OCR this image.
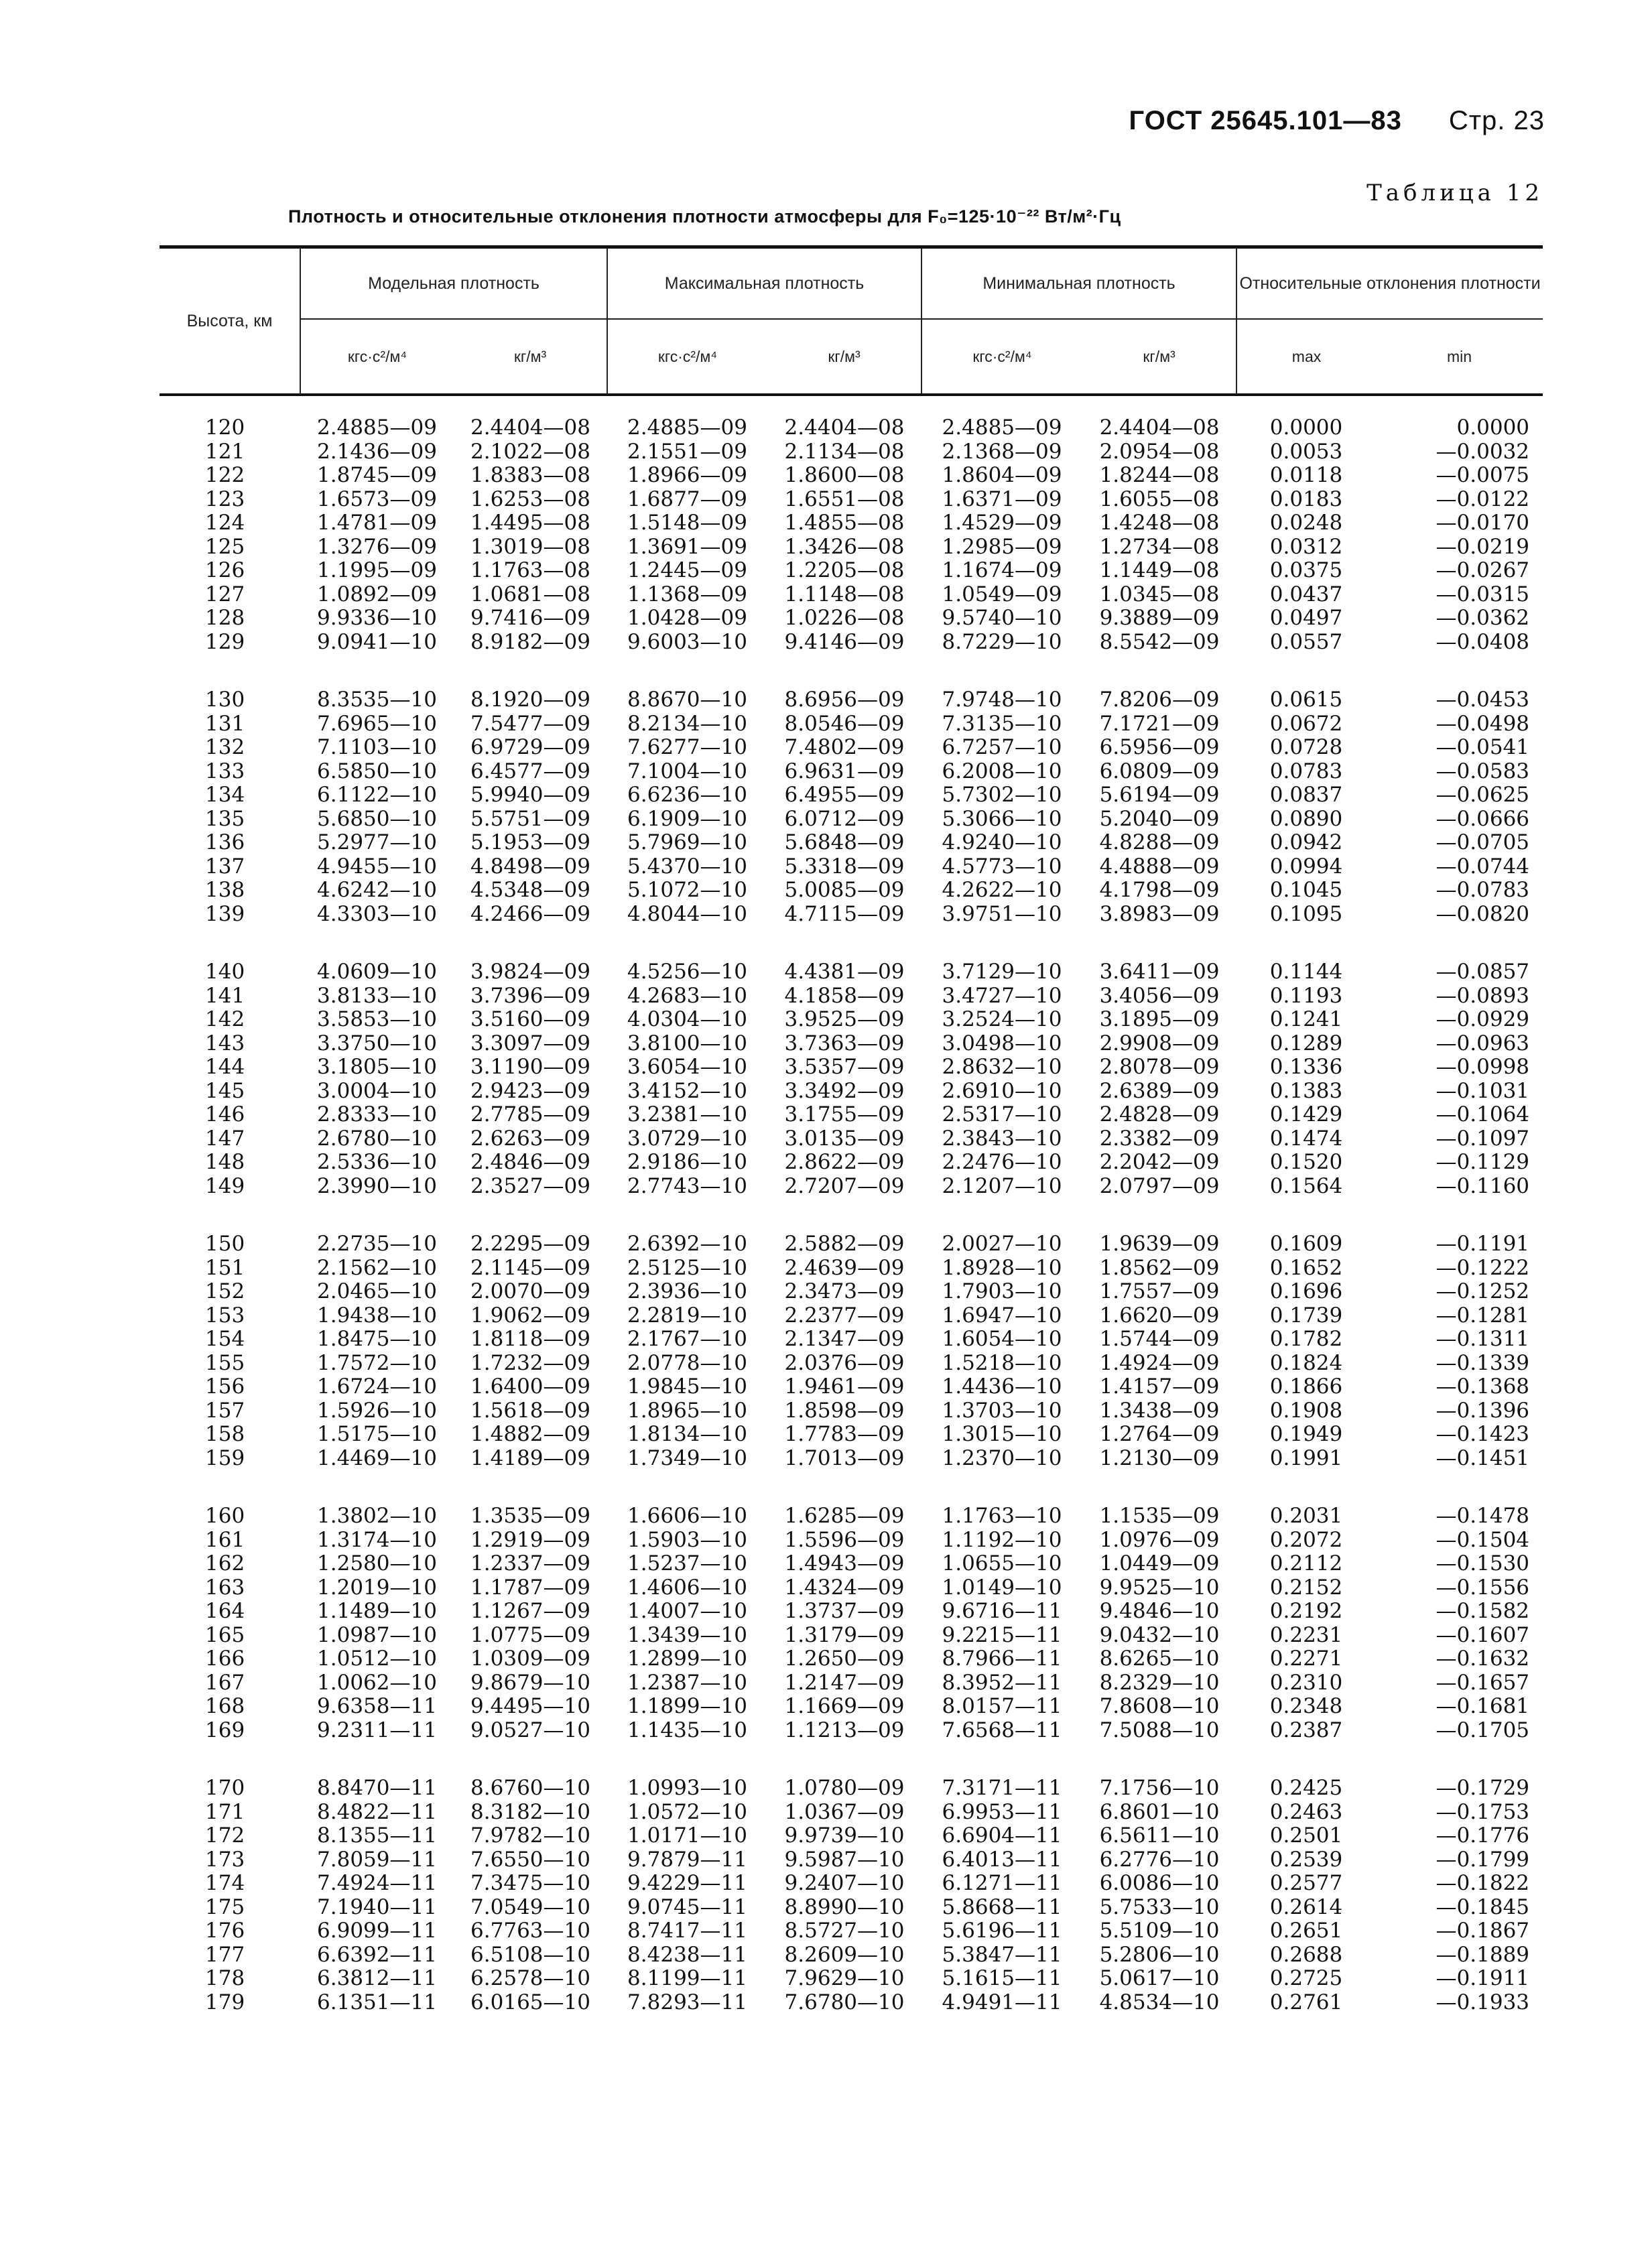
ГОСТ 25645.101—83 Стр. 23
Таблица 12
Плотность и относительные отклонения плотности атмосферы для F₀=125·10⁻²² Вт/м²·Гц
Высота, км	Модельная плотность		Максимальная плотность		Минимальная плотность		Относительные отклонения плотности	
	кгс·с²/м⁴	кг/м³	кгс·с²/м⁴	кг/м³	кгс·с²/м⁴	кг/м³	max	min

120	2.4885—09	2.4404—08	2.4885—09	2.4404—08	2.4885—09	2.4404—08	0.0000	0.0000
121	2.1436—09	2.1022—08	2.1551—09	2.1134—08	2.1368—09	2.0954—08	0.0053	—0.0032
122	1.8745—09	1.8383—08	1.8966—09	1.8600—08	1.8604—09	1.8244—08	0.0118	—0.0075
123	1.6573—09	1.6253—08	1.6877—09	1.6551—08	1.6371—09	1.6055—08	0.0183	—0.0122
124	1.4781—09	1.4495—08	1.5148—09	1.4855—08	1.4529—09	1.4248—08	0.0248	—0.0170
125	1.3276—09	1.3019—08	1.3691—09	1.3426—08	1.2985—09	1.2734—08	0.0312	—0.0219
126	1.1995—09	1.1763—08	1.2445—09	1.2205—08	1.1674—09	1.1449—08	0.0375	—0.0267
127	1.0892—09	1.0681—08	1.1368—09	1.1148—08	1.0549—09	1.0345—08	0.0437	—0.0315
128	9.9336—10	9.7416—09	1.0428—09	1.0226—08	9.5740—10	9.3889—09	0.0497	—0.0362
129	9.0941—10	8.9182—09	9.6003—10	9.4146—09	8.7229—10	8.5542—09	0.0557	—0.0408

130	8.3535—10	8.1920—09	8.8670—10	8.6956—09	7.9748—10	7.8206—09	0.0615	—0.0453
131	7.6965—10	7.5477—09	8.2134—10	8.0546—09	7.3135—10	7.1721—09	0.0672	—0.0498
132	7.1103—10	6.9729—09	7.6277—10	7.4802—09	6.7257—10	6.5956—09	0.0728	—0.0541
133	6.5850—10	6.4577—09	7.1004—10	6.9631—09	6.2008—10	6.0809—09	0.0783	—0.0583
134	6.1122—10	5.9940—09	6.6236—10	6.4955—09	5.7302—10	5.6194—09	0.0837	—0.0625
135	5.6850—10	5.5751—09	6.1909—10	6.0712—09	5.3066—10	5.2040—09	0.0890	—0.0666
136	5.2977—10	5.1953—09	5.7969—10	5.6848—09	4.9240—10	4.8288—09	0.0942	—0.0705
137	4.9455—10	4.8498—09	5.4370—10	5.3318—09	4.5773—10	4.4888—09	0.0994	—0.0744
138	4.6242—10	4.5348—09	5.1072—10	5.0085—09	4.2622—10	4.1798—09	0.1045	—0.0783
139	4.3303—10	4.2466—09	4.8044—10	4.7115—09	3.9751—10	3.8983—09	0.1095	—0.0820

140	4.0609—10	3.9824—09	4.5256—10	4.4381—09	3.7129—10	3.6411—09	0.1144	—0.0857
141	3.8133—10	3.7396—09	4.2683—10	4.1858—09	3.4727—10	3.4056—09	0.1193	—0.0893
142	3.5853—10	3.5160—09	4.0304—10	3.9525—09	3.2524—10	3.1895—09	0.1241	—0.0929
143	3.3750—10	3.3097—09	3.8100—10	3.7363—09	3.0498—10	2.9908—09	0.1289	—0.0963
144	3.1805—10	3.1190—09	3.6054—10	3.5357—09	2.8632—10	2.8078—09	0.1336	—0.0998
145	3.0004—10	2.9423—09	3.4152—10	3.3492—09	2.6910—10	2.6389—09	0.1383	—0.1031
146	2.8333—10	2.7785—09	3.2381—10	3.1755—09	2.5317—10	2.4828—09	0.1429	—0.1064
147	2.6780—10	2.6263—09	3.0729—10	3.0135—09	2.3843—10	2.3382—09	0.1474	—0.1097
148	2.5336—10	2.4846—09	2.9186—10	2.8622—09	2.2476—10	2.2042—09	0.1520	—0.1129
149	2.3990—10	2.3527—09	2.7743—10	2.7207—09	2.1207—10	2.0797—09	0.1564	—0.1160

150	2.2735—10	2.2295—09	2.6392—10	2.5882—09	2.0027—10	1.9639—09	0.1609	—0.1191
151	2.1562—10	2.1145—09	2.5125—10	2.4639—09	1.8928—10	1.8562—09	0.1652	—0.1222
152	2.0465—10	2.0070—09	2.3936—10	2.3473—09	1.7903—10	1.7557—09	0.1696	—0.1252
153	1.9438—10	1.9062—09	2.2819—10	2.2377—09	1.6947—10	1.6620—09	0.1739	—0.1281
154	1.8475—10	1.8118—09	2.1767—10	2.1347—09	1.6054—10	1.5744—09	0.1782	—0.1311
155	1.7572—10	1.7232—09	2.0778—10	2.0376—09	1.5218—10	1.4924—09	0.1824	—0.1339
156	1.6724—10	1.6400—09	1.9845—10	1.9461—09	1.4436—10	1.4157—09	0.1866	—0.1368
157	1.5926—10	1.5618—09	1.8965—10	1.8598—09	1.3703—10	1.3438—09	0.1908	—0.1396
158	1.5175—10	1.4882—09	1.8134—10	1.7783—09	1.3015—10	1.2764—09	0.1949	—0.1423
159	1.4469—10	1.4189—09	1.7349—10	1.7013—09	1.2370—10	1.2130—09	0.1991	—0.1451

160	1.3802—10	1.3535—09	1.6606—10	1.6285—09	1.1763—10	1.1535—09	0.2031	—0.1478
161	1.3174—10	1.2919—09	1.5903—10	1.5596—09	1.1192—10	1.0976—09	0.2072	—0.1504
162	1.2580—10	1.2337—09	1.5237—10	1.4943—09	1.0655—10	1.0449—09	0.2112	—0.1530
163	1.2019—10	1.1787—09	1.4606—10	1.4324—09	1.0149—10	9.9525—10	0.2152	—0.1556
164	1.1489—10	1.1267—09	1.4007—10	1.3737—09	9.6716—11	9.4846—10	0.2192	—0.1582
165	1.0987—10	1.0775—09	1.3439—10	1.3179—09	9.2215—11	9.0432—10	0.2231	—0.1607
166	1.0512—10	1.0309—09	1.2899—10	1.2650—09	8.7966—11	8.6265—10	0.2271	—0.1632
167	1.0062—10	9.8679—10	1.2387—10	1.2147—09	8.3952—11	8.2329—10	0.2310	—0.1657
168	9.6358—11	9.4495—10	1.1899—10	1.1669—09	8.0157—11	7.8608—10	0.2348	—0.1681
169	9.2311—11	9.0527—10	1.1435—10	1.1213—09	7.6568—11	7.5088—10	0.2387	—0.1705

170	8.8470—11	8.6760—10	1.0993—10	1.0780—09	7.3171—11	7.1756—10	0.2425	—0.1729
171	8.4822—11	8.3182—10	1.0572—10	1.0367—09	6.9953—11	6.8601—10	0.2463	—0.1753
172	8.1355—11	7.9782—10	1.0171—10	9.9739—10	6.6904—11	6.5611—10	0.2501	—0.1776
173	7.8059—11	7.6550—10	9.7879—11	9.5987—10	6.4013—11	6.2776—10	0.2539	—0.1799
174	7.4924—11	7.3475—10	9.4229—11	9.2407—10	6.1271—11	6.0086—10	0.2577	—0.1822
175	7.1940—11	7.0549—10	9.0745—11	8.8990—10	5.8668—11	5.7533—10	0.2614	—0.1845
176	6.9099—11	6.7763—10	8.7417—11	8.5727—10	5.6196—11	5.5109—10	0.2651	—0.1867
177	6.6392—11	6.5108—10	8.4238—11	8.2609—10	5.3847—11	5.2806—10	0.2688	—0.1889
178	6.3812—11	6.2578—10	8.1199—11	7.9629—10	5.1615—11	5.0617—10	0.2725	—0.1911
179	6.1351—11	6.0165—10	7.8293—11	7.6780—10	4.9491—11	4.8534—10	0.2761	—0.1933
